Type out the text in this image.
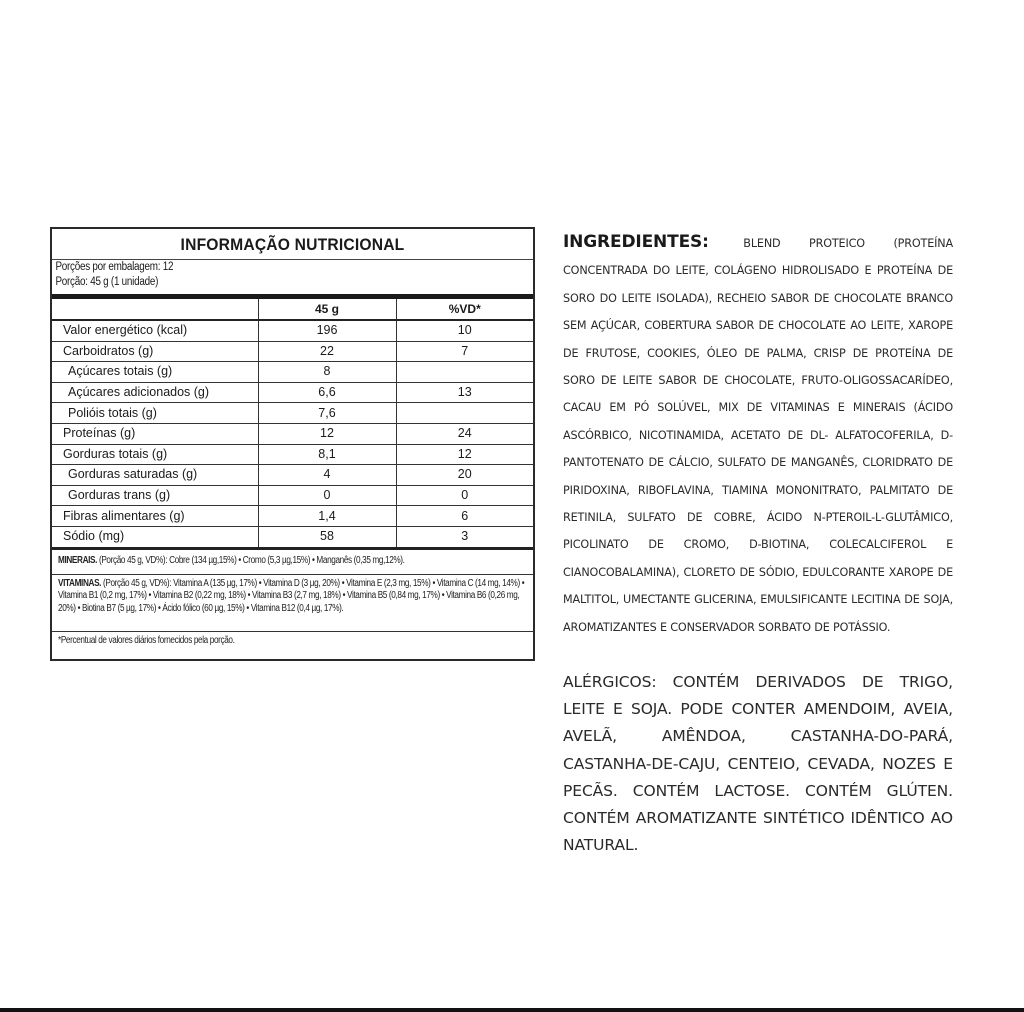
INFORMAÇÃO NUTRICIONAL
Porções por embalagem: 12
Porção: 45 g (1 unidade)
	45 g	%VD*
Valor energético (kcal)	196	10
Carboidratos (g)	22	7
Açúcares totais (g)	8	
Açúcares adicionados (g)	6,6	13
Polióis totais (g)	7,6	
Proteínas (g)	12	24
Gorduras totais (g)	8,1	12
Gorduras saturadas (g)	4	20
Gorduras trans (g)	0	0
Fibras alimentares (g)	1,4	6
Sódio (mg)	58	3
MINERAIS. (Porção 45 g, VD%): Cobre (134 µg,15%) • Cromo (5,3 µg,15%) • Manganês (0,35 mg,12%).
VITAMINAS. (Porção 45 g, VD%): Vitamina A (135 µg, 17%) • Vitamina D (3 µg, 20%) • Vitamina E (2,3 mg, 15%) • Vitamina C (14 mg, 14%) • Vitamina B1 (0,2 mg, 17%) • Vitamina B2 (0,22 mg, 18%) • Vitamina B3 (2,7 mg, 18%) • Vitamina B5 (0,84 mg, 17%) • Vitamina B6 (0,26 mg, 20%) • Biotina B7 (5 µg, 17%) • Ácido fólico (60 µg, 15%) • Vitamina B12 (0,4 µg, 17%).
*Percentual de valores diários fornecidos pela porção.
INGREDIENTES:	BLEND PROTEICO (PROTEÍNA CONCENTRADA DO LEITE, COLÁGENO HIDROLISADO E PROTEÍNA DE SORO DO LEITE ISOLADA), RECHEIO SABOR DE CHOCOLATE BRANCO SEM AÇÚCAR, COBERTURA SABOR DE CHOCOLATE AO LEITE, XAROPE DE FRUTOSE, COOKIES, ÓLEO DE PALMA, CRISP DE PROTEÍNA DE SORO DE LEITE SABOR DE CHOCOLATE, FRUTO-OLIGOSSACARÍDEO, CACAU EM PÓ SOLÚVEL, MIX DE VITAMINAS E MINERAIS (ÁCIDO ASCÓRBICO, NICOTINAMIDA, ACETATO DE DL- ALFATOCOFERILA, D-PANTOTENATO DE CÁLCIO, SULFATO DE MANGANÊS, CLORIDRATO DE PIRIDOXINA, RIBOFLAVINA, TIAMINA MONONITRATO, PALMITATO DE RETINILA, SULFATO DE COBRE, ÁCIDO N-PTEROIL-L-GLUTÂMICO, PICOLINATO DE CROMO, D-BIOTINA, COLECALCIFEROL E CIANOCOBALAMINA), CLORETO DE SÓDIO, EDULCORANTE XAROPE DE MALTITOL, UMECTANTE GLICERINA, EMULSIFICANTE LECITINA DE SOJA, AROMATIZANTES E CONSERVADOR SORBATO DE POTÁSSIO.
ALÉRGICOS: CONTÉM DERIVADOS DE TRIGO, LEITE E SOJA. PODE CONTER AMENDOIM, AVEIA, AVELÃ, AMÊNDOA, CASTANHA-DO-PARÁ, CASTANHA-DE-CAJU, CENTEIO, CEVADA, NOZES E PECÃS. CONTÉM LACTOSE. CONTÉM GLÚTEN. CONTÉM AROMATIZANTE SINTÉTICO IDÊNTICO AO NATURAL.
